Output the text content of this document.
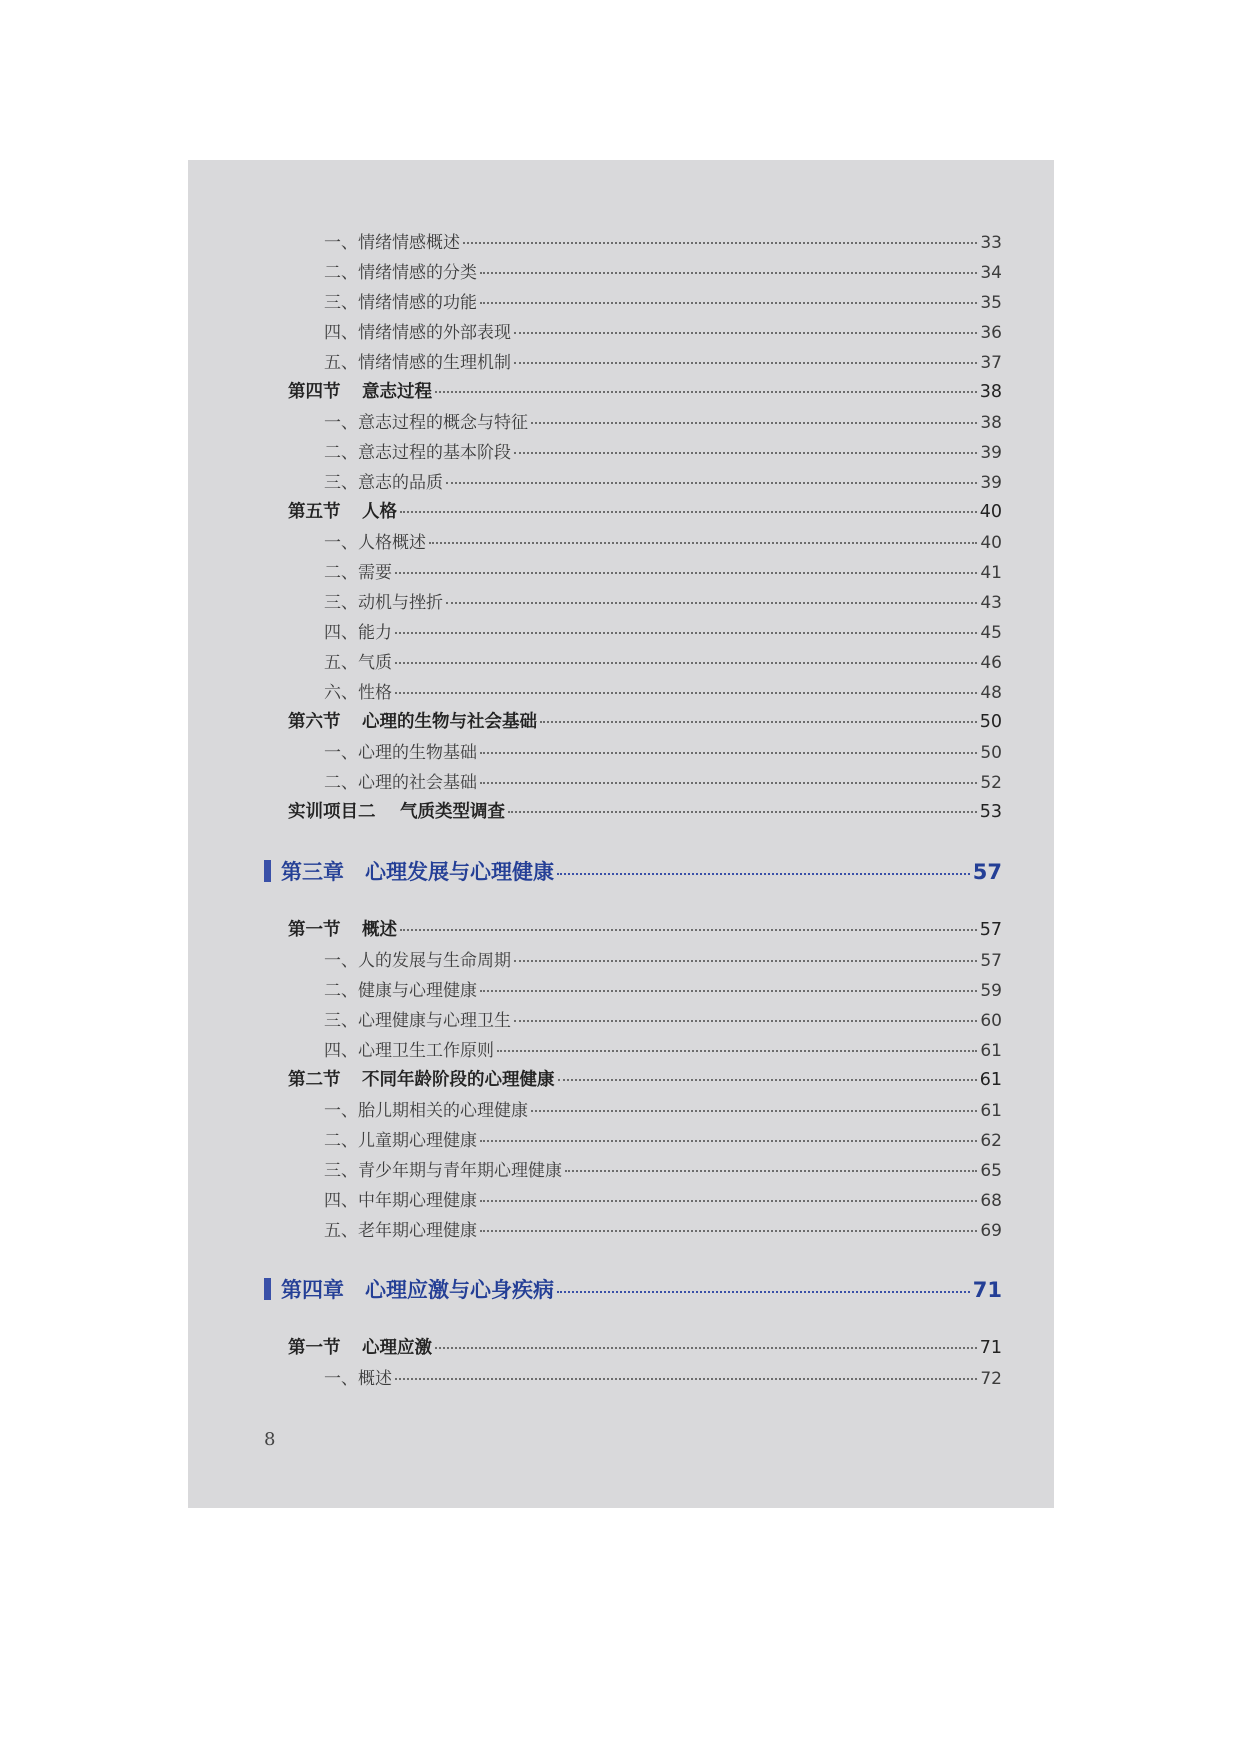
一、 情绪情感概述	33
二、 情绪情感的分类	34
三、 情绪情感的功能	35
四、 情绪情感的外部表现	36
五、 情绪情感的生理机制	37
第四节	意志过程	38
一、 意志过程的概念与特征	38
二、 意志过程的基本阶段	39
三、 意志的品质	39
第五节	人格	40
一、 人格概述	40
二、 需要	41
三、 动机与挫折	43
四、 能力	45
五、 气质	46
六、 性格	48
第六节	心理的生物与社会基础	50
一、 心理的生物基础	50
二、 心理的社会基础	52
实训项目二	气质类型调查	53
第三章	心理发展与心理健康	57
第一节	概述	57
一、 人的发展与生命周期	57
二、 健康与心理健康	59
三、 心理健康与心理卫生	60
四、 心理卫生工作原则	61
第二节	不同年龄阶段的心理健康	61
一、 胎儿期相关的心理健康	61
二、 儿童期心理健康	62
三、 青少年期与青年期心理健康	65
四、 中年期心理健康	68
五、 老年期心理健康	69
第四章	心理应激与心身疾病	71
第一节	心理应激	71
一、 概述	72
8
